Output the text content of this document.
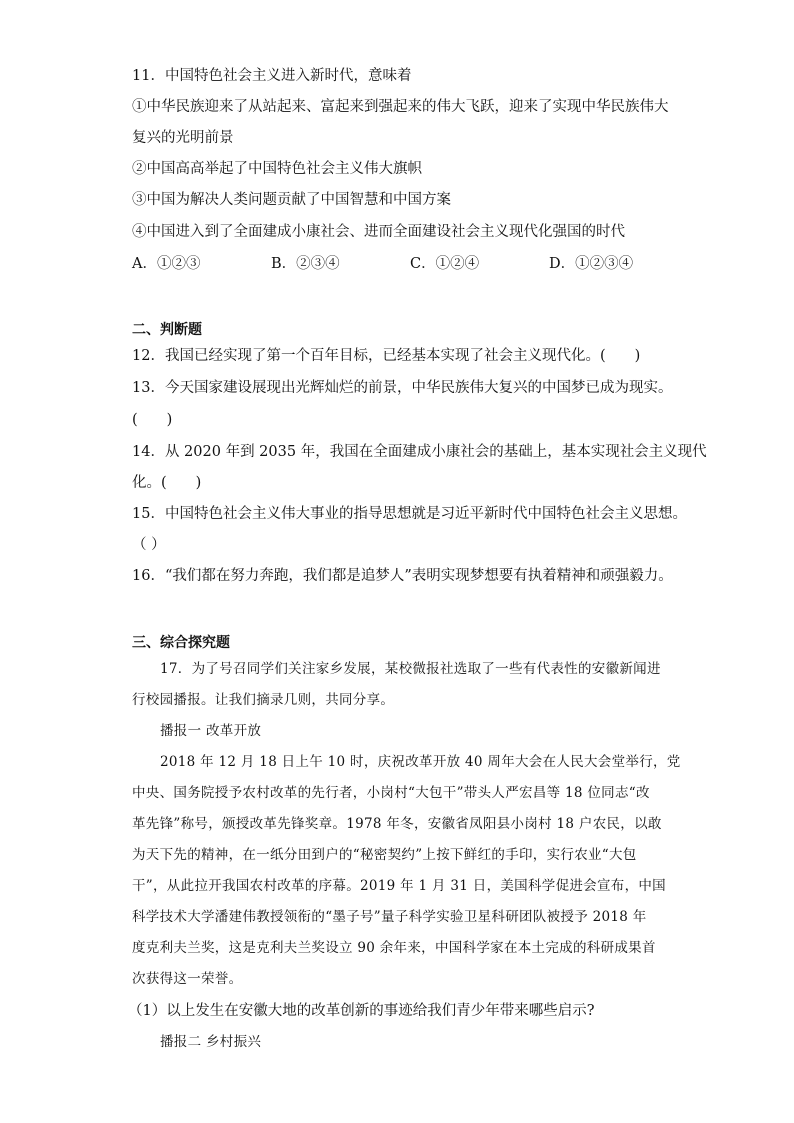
11．中国特色社会主义进入新时代，意味着
①中华民族迎来了从站起来、富起来到强起来的伟大飞跃，迎来了实现中华民族伟大
复兴的光明前景
②中国高高举起了中国特色社会主义伟大旗帜
③中国为解决人类问题贡献了中国智慧和中国方案
④中国进入到了全面建成小康社会、进而全面建设社会主义现代化强国的时代
A．①②③	B．②③④	C．①②④	D．①②③④
二、判断题
12．我国已经实现了第一个百年目标，已经基本实现了社会主义现代化。(　　)
13．今天国家建设展现出光辉灿烂的前景，中华民族伟大复兴的中国梦已成为现实。
(　　)
14．从 2020 年到 2035 年，我国在全面建成小康社会的基础上，基本实现社会主义现代
化。(　　)
15．中国特色社会主义伟大事业的指导思想就是习近平新时代中国特色社会主义思想。
（ ）
16．“我们都在努力奔跑，我们都是追梦人”表明实现梦想要有执着精神和顽强毅力。
三、综合探究题
17．为了号召同学们关注家乡发展，某校微报社选取了一些有代表性的安徽新闻进
行校园播报。让我们摘录几则，共同分享。
播报一 改革开放
2018 年 12 月 18 日上午 10 时，庆祝改革开放 40 周年大会在人民大会堂举行，党
中央、国务院授予农村改革的先行者，小岗村“大包干”带头人严宏昌等 18 位同志“改
革先锋”称号，颁授改革先锋奖章。1978 年冬，安徽省凤阳县小岗村 18 户农民，以敢
为天下先的精神，在一纸分田到户的“秘密契约”上按下鲜红的手印，实行农业“大包
干”，从此拉开我国农村改革的序幕。2019 年 1 月 31 日，美国科学促进会宣布，中国
科学技术大学潘建伟教授领衔的“墨子号”量子科学实验卫星科研团队被授予 2018 年
度克利夫兰奖，这是克利夫兰奖设立 90 余年来，中国科学家在本土完成的科研成果首
次获得这一荣誉。
（1）以上发生在安徽大地的改革创新的事迹给我们青少年带来哪些启示?
播报二 乡村振兴
